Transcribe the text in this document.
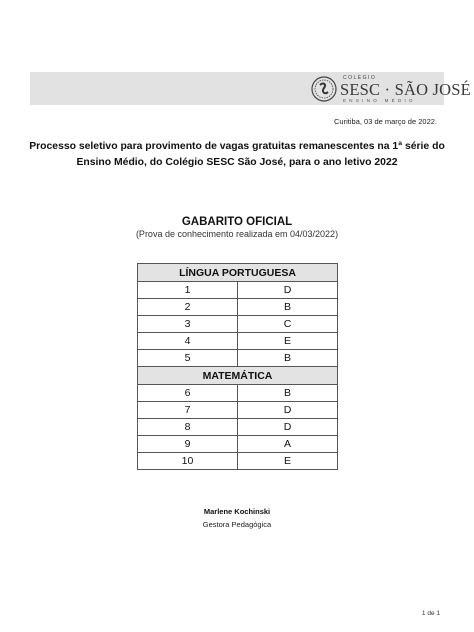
COLÉGIO
SESC · SÃO JOSÉ
ENSINO MÉDIO
Curitiba, 03 de março de 2022.
Processo seletivo para provimento de vagas gratuitas remanescentes na 1ª série do Ensino Médio, do Colégio SESC São José, para o ano letivo 2022
GABARITO OFICIAL
(Prova de conhecimento realizada em 04/03/2022)
LÍNGUA PORTUGUESA	
1	D
2	B
3	C
4	E
5	B
MATEMÁTICA	
6	B
7	D
8	D
9	A
10	E
Marlene Kochinski
Gestora Pedagógica
1 de 1
